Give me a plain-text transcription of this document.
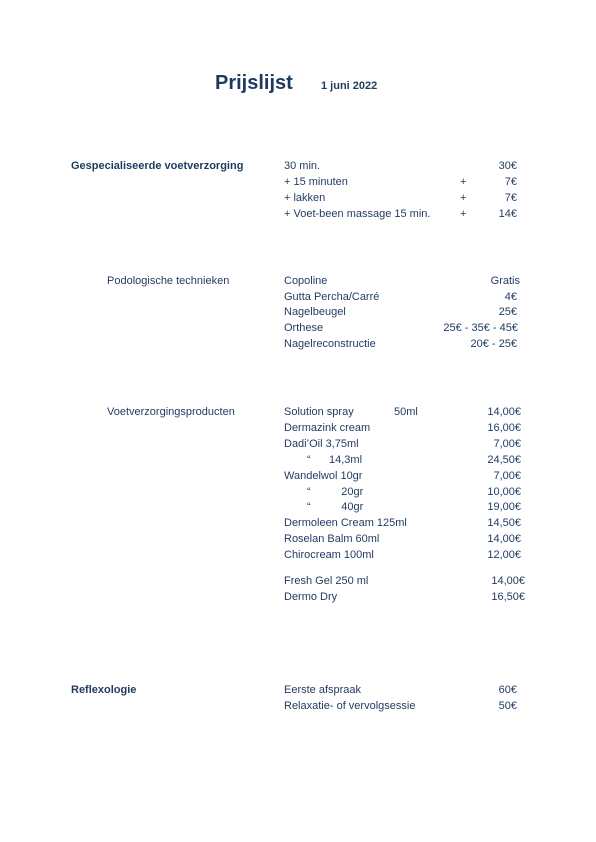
Prijslijst	1 juni 2022
Gespecialiseerde voetverzorging	30 min.	30€
+ 15 minuten	+	7€
+ lakken	+	7€
+ Voet-been massage 15 min.	+	14€
Podologische technieken	Copoline	Gratis
Gutta Percha/Carré	4€
Nagelbeugel	25€
Orthese	25€ - 35€ - 45€
Nagelreconstructie	20€ - 25€
Voetverzorgingsproducten	Solution spray	50ml	14,00€
Dermazink cream	16,00€
Dadi’Oil 3,75ml	7,00€
“      14,3ml	24,50€
Wandelwol 10gr	7,00€
“          20gr	10,00€
“          40gr	19,00€
Dermoleen Cream 125ml	14,50€
Roselan Balm 60ml	14,00€
Chirocream 100ml	12,00€
Fresh Gel 250 ml	14,00€
Dermo Dry	16,50€
Reflexologie	Eerste afspraak	60€
Relaxatie- of vervolgsessie	50€
